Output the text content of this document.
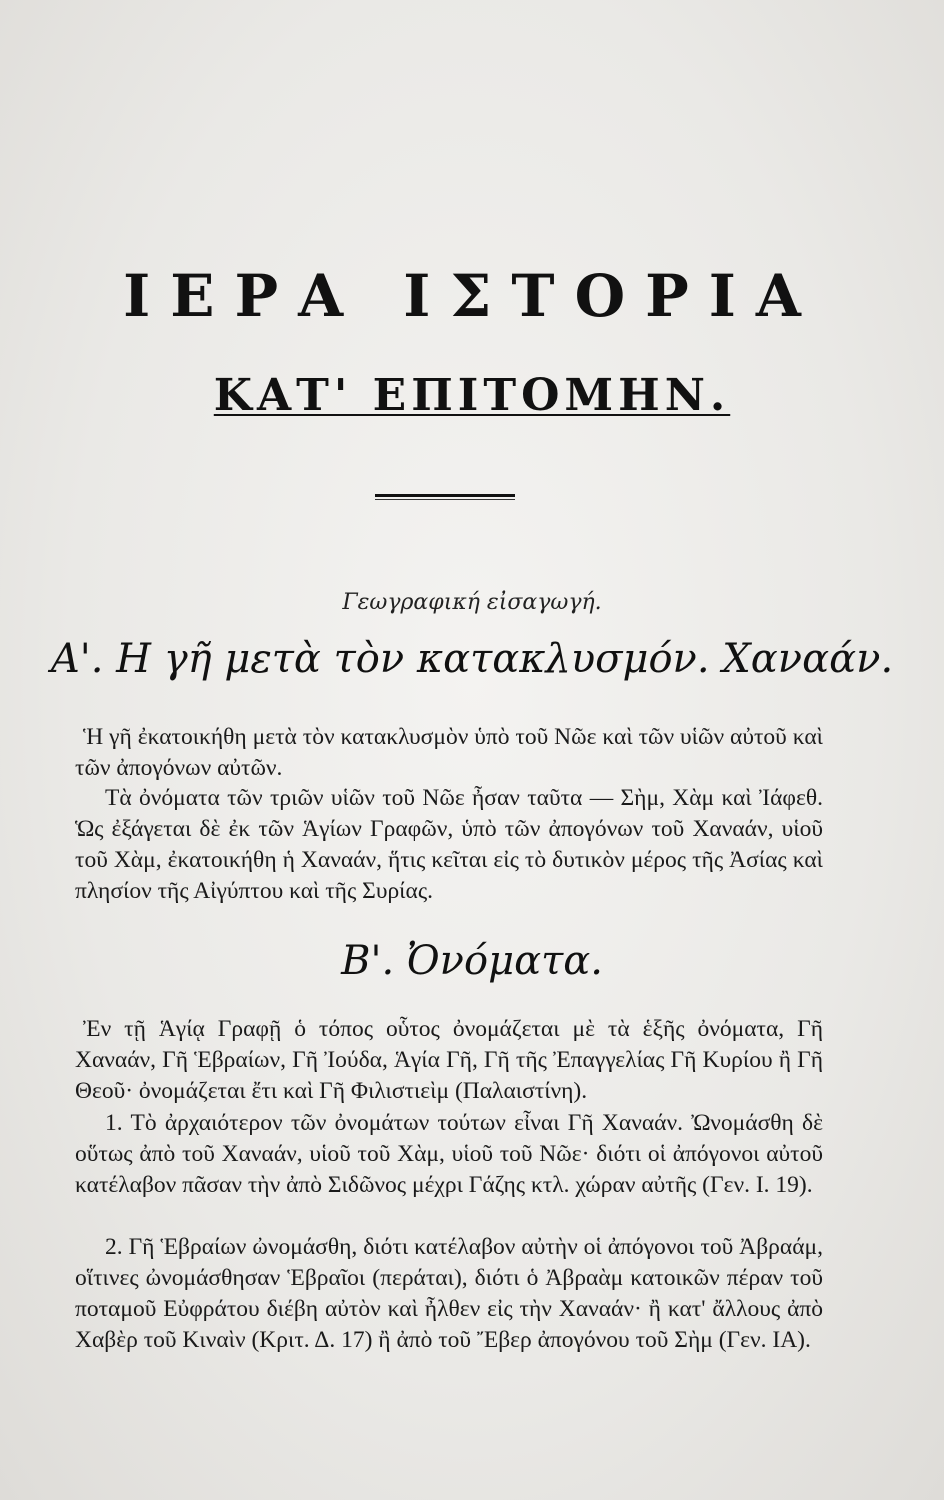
ΙΕΡΑ ΙΣΤΟΡΙΑ
ΚΑΤ' ΕΠΙΤΟΜΗΝ.
Γεωγραφική εἰσαγωγή.
Α'. Η γῆ μετὰ τὸν κατακλυσμόν. Χαναάν.
Ἡ γῆ ἐκατοικήθη μετὰ τὸν κατακλυσμὸν ὑπὸ τοῦ Νῶε καὶ τῶν υἱῶν αὐτοῦ καὶ τῶν ἀπογόνων αὐτῶν.
Τὰ ὀνόματα τῶν τριῶν υἱῶν τοῦ Νῶε ἦσαν ταῦτα — Σὴμ, Χὰμ καὶ Ἰάφεθ. Ὡς ἐξάγεται δὲ ἐκ τῶν Ἁγίων Γραφῶν, ὑπὸ τῶν ἀπογόνων τοῦ Χαναάν, υἱοῦ τοῦ Χὰμ, ἐκατοικήθη ἡ Χαναάν, ἥτις κεῖται εἰς τὸ δυτικὸν μέρος τῆς Ἀσίας καὶ πλησίον τῆς Αἰγύπτου καὶ τῆς Συρίας.
Β'. Ὀνόματα.
Ἐν τῇ Ἁγίᾳ Γραφῇ ὁ τόπος οὗτος ὀνομάζεται μὲ τὰ ἑξῆς ὀνόματα, Γῆ Χαναάν, Γῆ Ἑβραίων, Γῆ Ἰούδα, Ἁγία Γῆ, Γῆ τῆς Ἐπαγγελίας Γῆ Κυρίου ἢ Γῆ Θεοῦ· ὀνομάζεται ἔτι καὶ Γῆ Φιλιστιεὶμ (Παλαιστίνη).
1. Τὸ ἀρχαιότερον τῶν ὀνομάτων τούτων εἶναι Γῆ Χαναάν. Ὠνομάσθη δὲ οὕτως ἀπὸ τοῦ Χαναάν, υἱοῦ τοῦ Χὰμ, υἱοῦ τοῦ Νῶε· διότι οἱ ἀπόγονοι αὐτοῦ κατέλαβον πᾶσαν τὴν ἀπὸ Σιδῶνος μέχρι Γάζης κτλ. χώραν αὐτῆς (Γεν. Ι. 19).
2. Γῆ Ἑβραίων ὠνομάσθη, διότι κατέλαβον αὐτὴν οἱ ἀπόγονοι τοῦ Ἀβραάμ, οἵτινες ὠνομάσθησαν Ἑβραῖοι (περάται), διότι ὁ Ἀβραὰμ κατοικῶν πέραν τοῦ ποταμοῦ Εὐφράτου διέβη αὐτὸν καὶ ἦλθεν εἰς τὴν Χαναάν· ἢ κατ' ἄλλους ἀπὸ Χαβὲρ τοῦ Κιναὶν (Κριτ. Δ. 17) ἢ ἀπὸ τοῦ Ἔβερ ἀπογόνου τοῦ Σὴμ (Γεν. ΙΑ).
